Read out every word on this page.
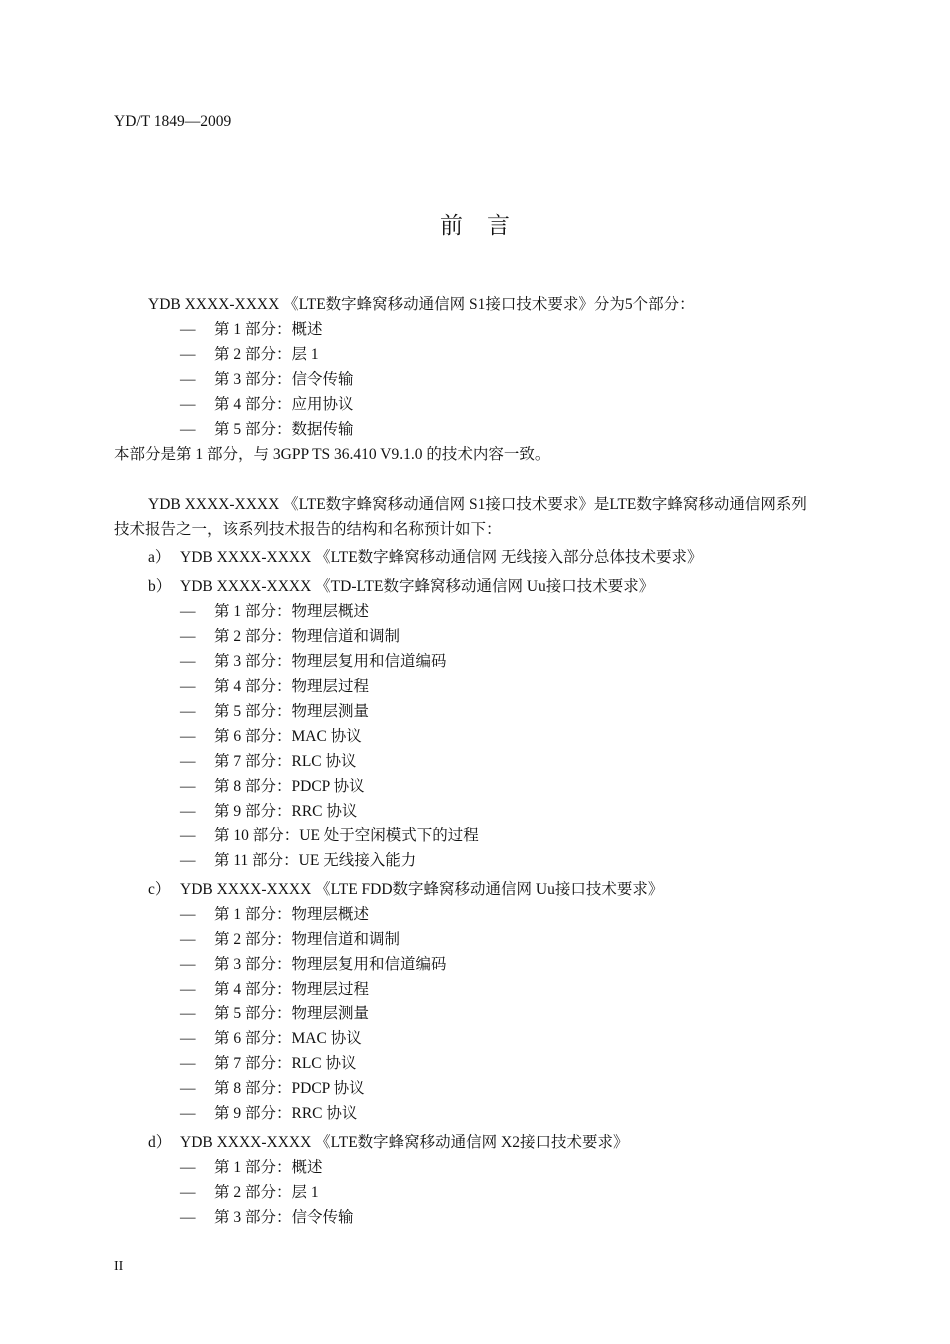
YD/T 1849—2009
前言
YDB XXXX-XXXX 《LTE数字蜂窝移动通信网 S1接口技术要求》分为5个部分：
— 第 1 部分：概述
— 第 2 部分：层 1
— 第 3 部分：信令传输
— 第 4 部分：应用协议
— 第 5 部分：数据传输
本部分是第 1 部分，与 3GPP TS 36.410 V9.1.0 的技术内容一致。
YDB XXXX-XXXX 《LTE数字蜂窝移动通信网 S1接口技术要求》是LTE数字蜂窝移动通信网系列
技术报告之一，该系列技术报告的结构和名称预计如下：
a） YDB XXXX-XXXX 《LTE数字蜂窝移动通信网 无线接入部分总体技术要求》
b） YDB XXXX-XXXX 《TD-LTE数字蜂窝移动通信网 Uu接口技术要求》
— 第 1 部分：物理层概述
— 第 2 部分：物理信道和调制
— 第 3 部分：物理层复用和信道编码
— 第 4 部分：物理层过程
— 第 5 部分：物理层测量
— 第 6 部分：MAC 协议
— 第 7 部分：RLC 协议
— 第 8 部分：PDCP 协议
— 第 9 部分：RRC 协议
— 第 10 部分：UE 处于空闲模式下的过程
— 第 11 部分：UE 无线接入能力
c） YDB XXXX-XXXX 《LTE FDD数字蜂窝移动通信网 Uu接口技术要求》
— 第 1 部分：物理层概述
— 第 2 部分：物理信道和调制
— 第 3 部分：物理层复用和信道编码
— 第 4 部分：物理层过程
— 第 5 部分：物理层测量
— 第 6 部分：MAC 协议
— 第 7 部分：RLC 协议
— 第 8 部分：PDCP 协议
— 第 9 部分：RRC 协议
d） YDB XXXX-XXXX 《LTE数字蜂窝移动通信网 X2接口技术要求》
— 第 1 部分：概述
— 第 2 部分：层 1
— 第 3 部分：信令传输
II
